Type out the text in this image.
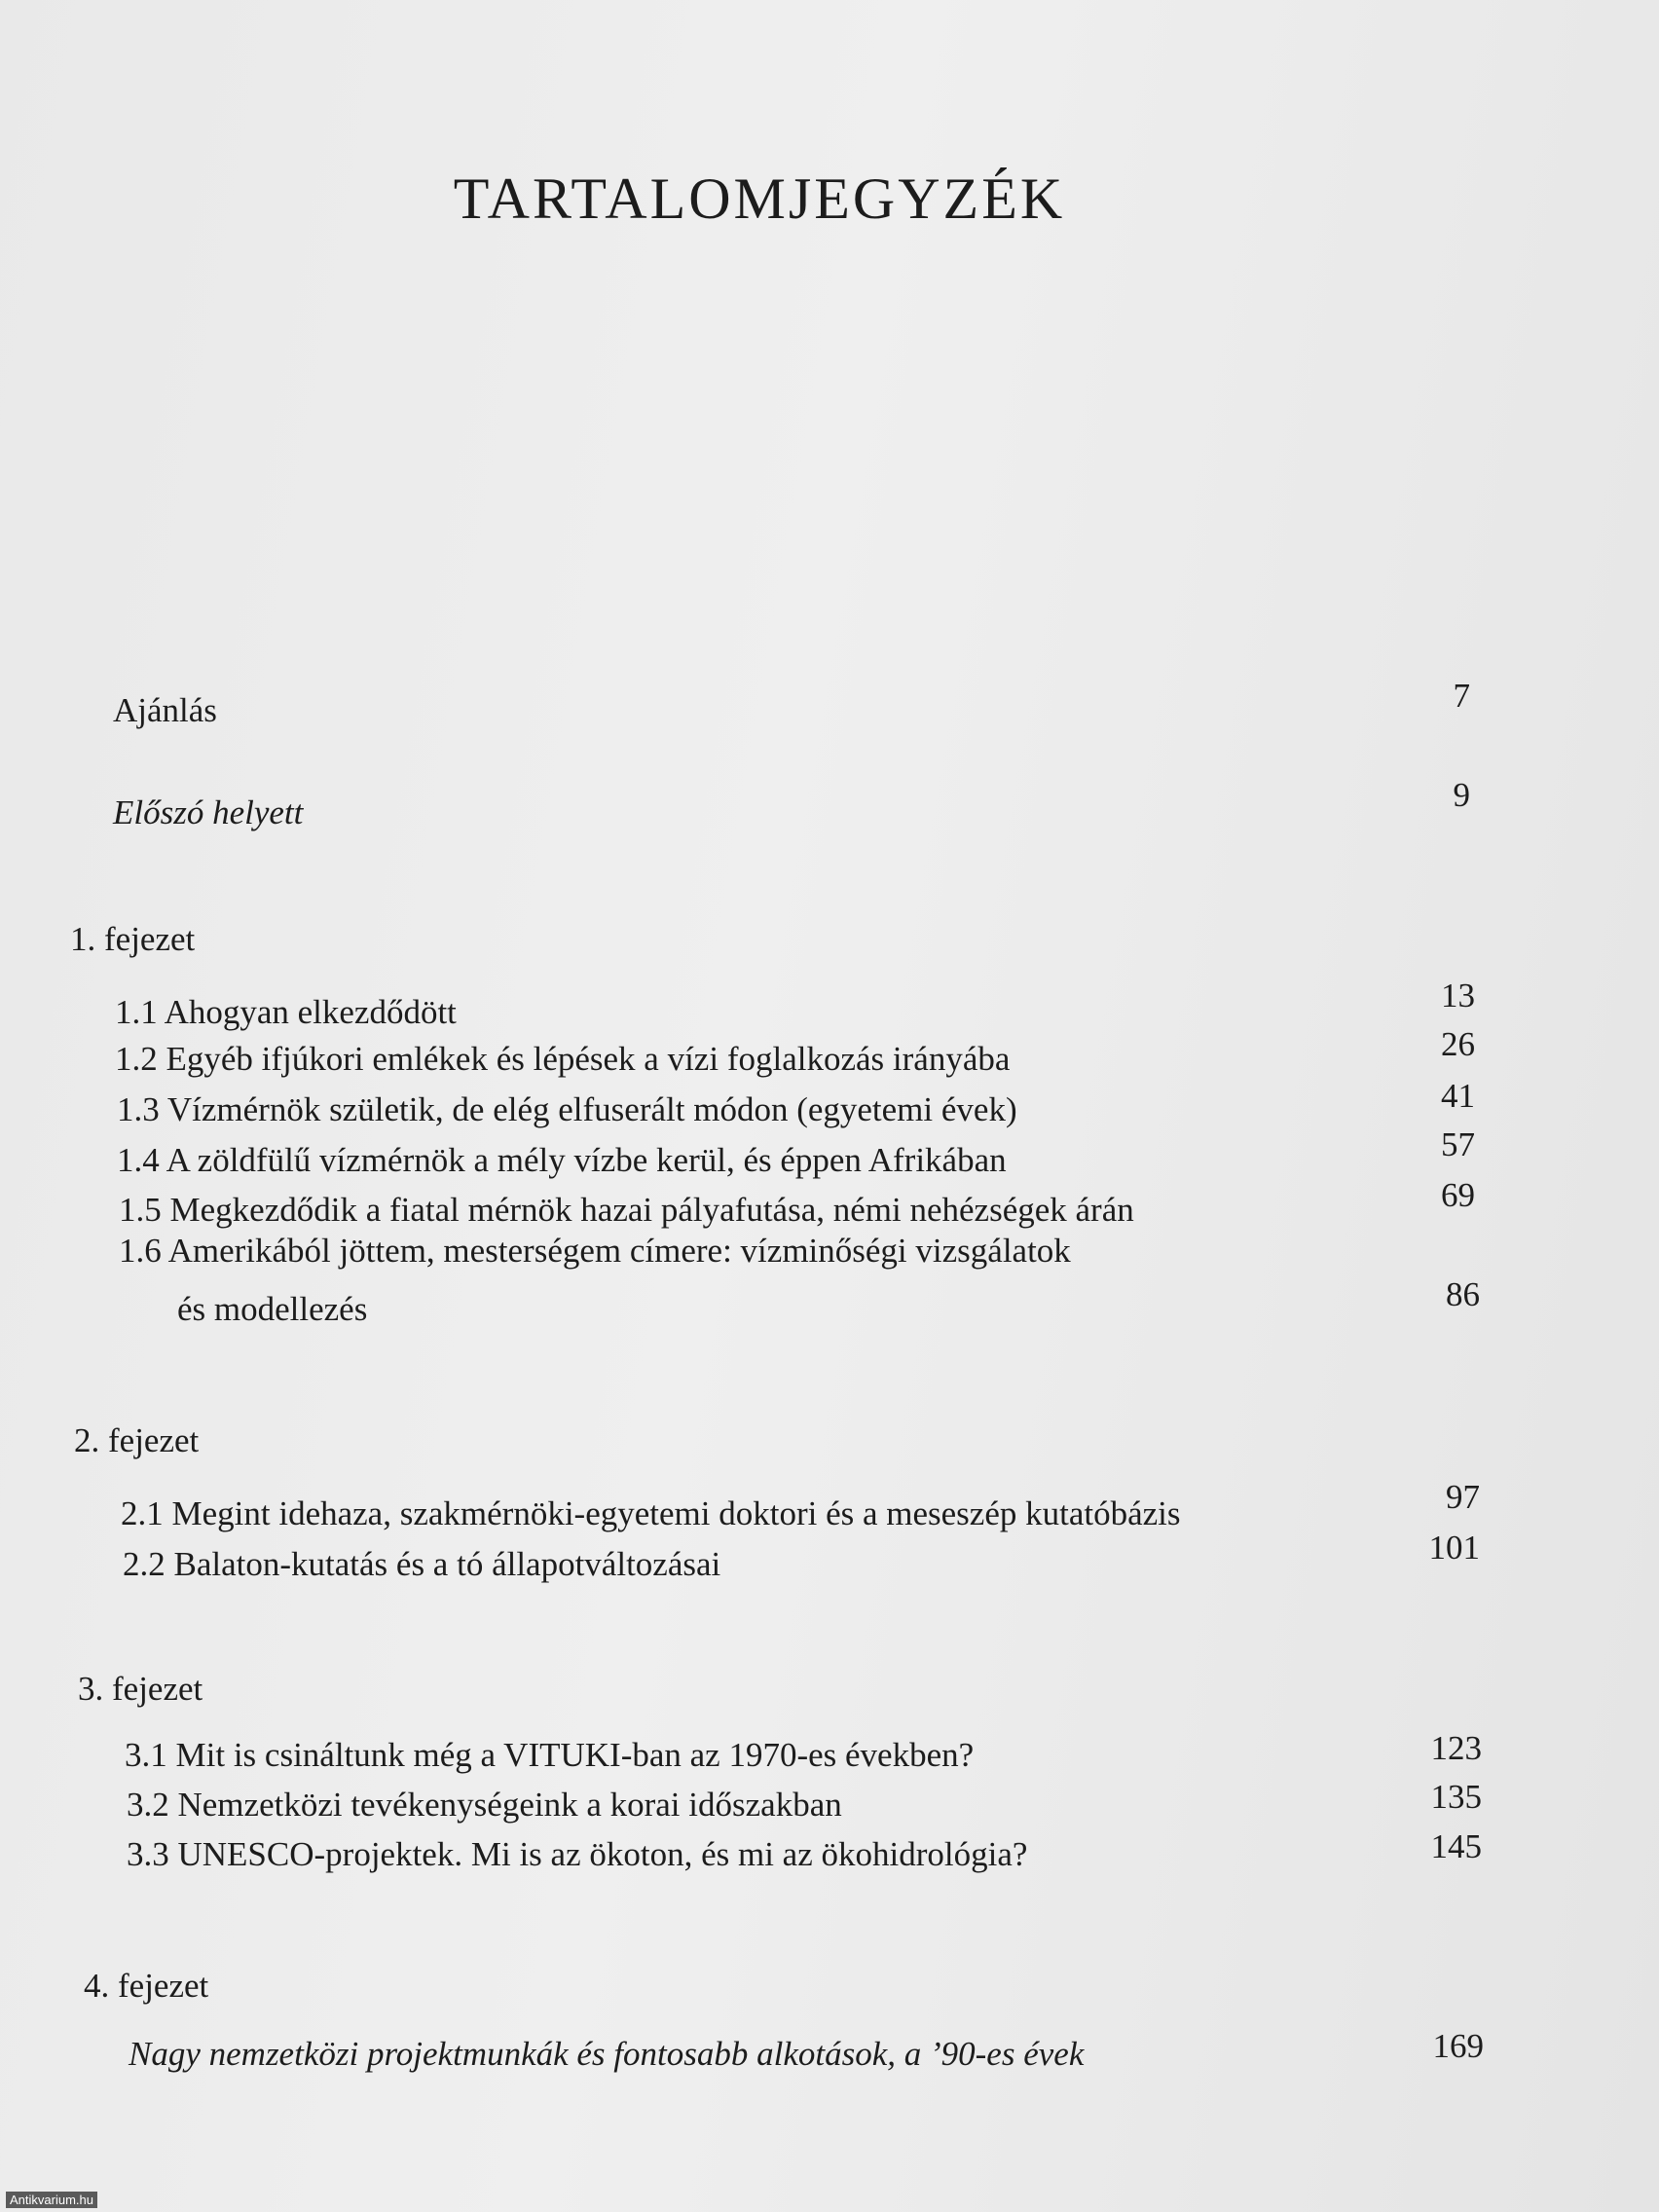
TARTALOMJEGYZÉK
Ajánlás	7
Előszó helyett	9
1. fejezet
1.1 Ahogyan elkezdődött	13
1.2 Egyéb ifjúkori emlékek és lépések a vízi foglalkozás irányába	26
1.3 Vízmérnök születik, de elég elfuserált módon (egyetemi évek)	41
1.4 A zöldfülű vízmérnök a mély vízbe kerül, és éppen Afrikában	57
1.5 Megkezdődik a fiatal mérnök hazai pályafutása, némi nehézségek árán	69
1.6 Amerikából jöttem, mesterségem címere: vízminőségi vizsgálatok
és modellezés	86
2. fejezet
2.1 Megint idehaza, szakmérnöki-egyetemi doktori és a meseszép kutatóbázis	97
2.2 Balaton-kutatás és a tó állapotváltozásai	101
3. fejezet
3.1 Mit is csináltunk még a VITUKI-ban az 1970-es években?	123
3.2 Nemzetközi tevékenységeink a korai időszakban	135
3.3 UNESCO-projektek. Mi is az ökoton, és mi az ökohidrológia?	145
4. fejezet
Nagy nemzetközi projektmunkák és fontosabb alkotások, a ’90-es évek	169
Antikvarium.hu
